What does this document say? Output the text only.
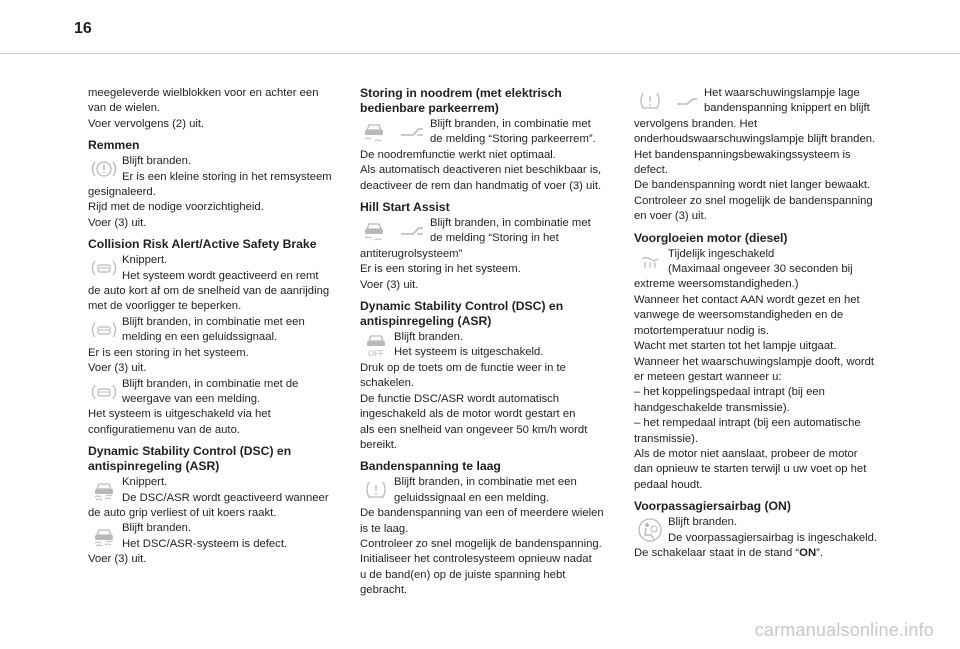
16

meegeleverde wielblokken voor en achter een
van de wielen.
Voer vervolgens (2) uit.

Remmen

Blijft branden.
Er is een kleine storing in het remsysteem

gesignaleerd.
Rijd met de nodige voorzichtigheid.
Voer (3) uit.

Collision Risk Alert/Active Safety Brake

Knippert.
Het systeem wordt geactiveerd en remt

de auto kort af om de snelheid van de aanrijding
met de voorligger te beperken.

Blijft branden, in combinatie met een
melding en een geluidssignaal.

Er is een storing in het systeem.
Voer (3) uit.

Blijft branden, in combinatie met de
weergave van een melding.

Het systeem is uitgeschakeld via het
configuratiemenu van de auto.

Dynamic Stability Control (DSC) en
antispinregeling (ASR)

Knippert.
De DSC/ASR wordt geactiveerd wanneer

de auto grip verliest of uit koers raakt.

Blijft branden.
Het DSC/ASR-systeem is defect.

Voer (3) uit.

Storing in noodrem (met elektrisch
bedienbare parkeerrem)

Blijft branden, in combinatie met
de melding “Storing parkeerrem”.

De noodremfunctie werkt niet optimaal.
Als automatisch deactiveren niet beschikbaar is,
deactiveer de rem dan handmatig of voer (3) uit.

Hill Start Assist

Blijft branden, in combinatie met
de melding “Storing in het

antiterugrolsysteem”
Er is een storing in het systeem.
Voer (3) uit.

Dynamic Stability Control (DSC) en
antispinregeling (ASR)
OFF

Blijft branden.
Het systeem is uitgeschakeld.

Druk op de toets om de functie weer in te
schakelen.
De functie DSC/ASR wordt automatisch
ingeschakeld als de motor wordt gestart en
als een snelheid van ongeveer 50 km/h wordt
bereikt.

Bandenspanning te laag

Blijft branden, in combinatie met een
geluidssignaal en een melding.

De bandenspanning van een of meerdere wielen
is te laag.
Controleer zo snel mogelijk de bandenspanning.
Initialiseer het controlesysteem opnieuw nadat
u de band(en) op de juiste spanning hebt
gebracht.

Het waarschuwingslampje lage
bandenspanning knippert en blijft

vervolgens branden. Het
onderhoudswaarschuwingslampje blijft branden.
Het bandenspanningsbewakingssysteem is
defect.
De bandenspanning wordt niet langer bewaakt.
Controleer zo snel mogelijk de bandenspanning
en voer (3) uit.

Voorgloeien motor (diesel)

Tijdelijk ingeschakeld
(Maximaal ongeveer 30 seconden bij

extreme weersomstandigheden.)
Wanneer het contact AAN wordt gezet en het
vanwege de weersomstandigheden en de
motortemperatuur nodig is.
Wacht met starten tot het lampje uitgaat.
Wanneer het waarschuwingslampje dooft, wordt
er meteen gestart wanneer u:
– het koppelingspedaal intrapt (bij een
handgeschakelde transmissie).
– het rempedaal intrapt (bij een automatische
transmissie).
Als de motor niet aanslaat, probeer de motor
dan opnieuw te starten terwijl u uw voet op het
pedaal houdt.

Voorpassagiersairbag (ON)

Blijft branden.
De voorpassagiersairbag is ingeschakeld.

De schakelaar staat in de stand “ON”.

carmanualsonline.info
